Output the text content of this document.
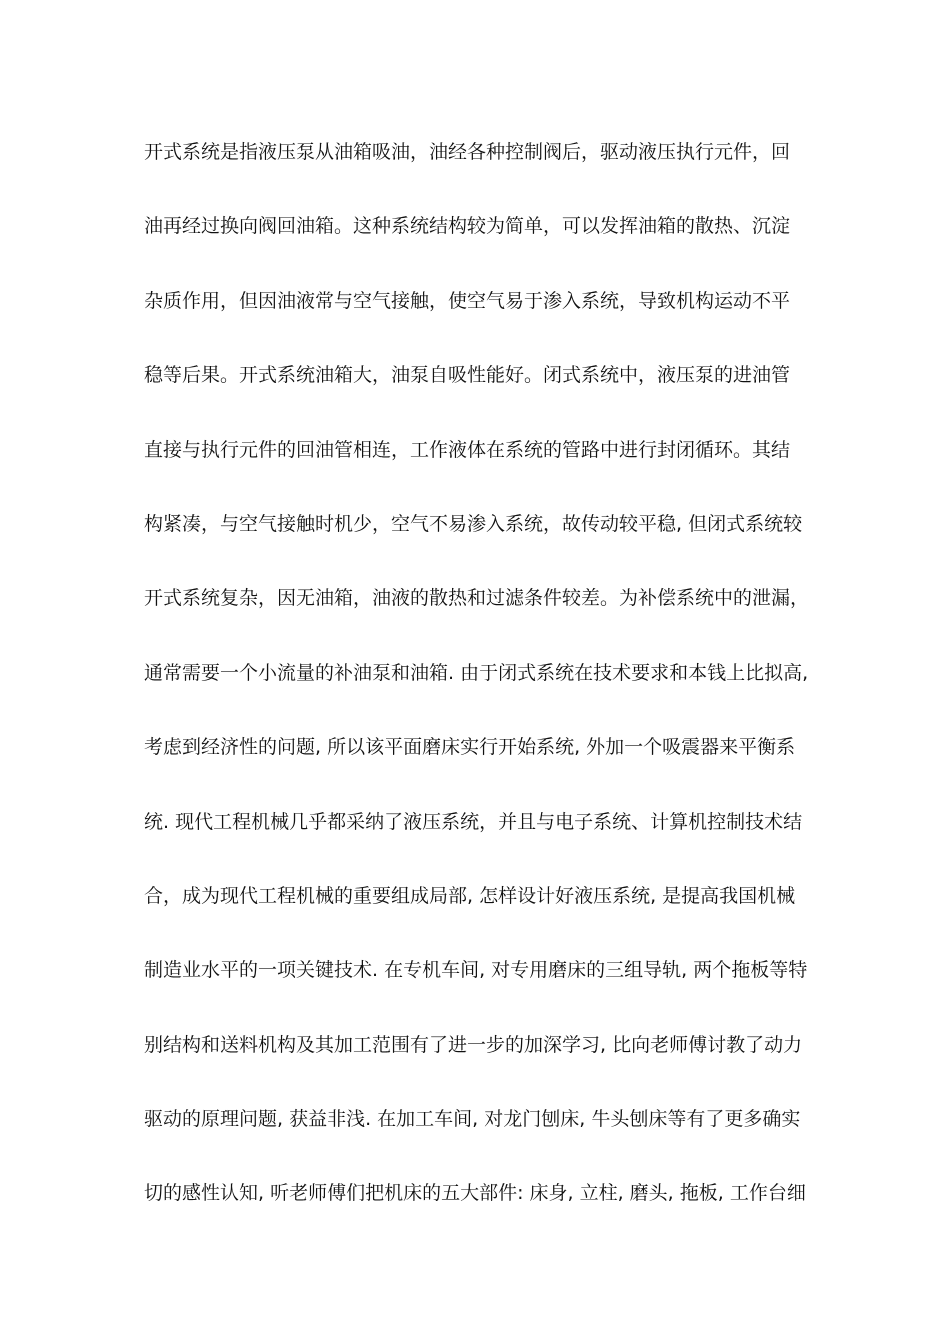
开式系统是指液压泵从油箱吸油，油经各种控制阀后，驱动液压执行元件，回
油再经过换向阀回油箱。这种系统结构较为简单，可以发挥油箱的散热、沉淀
杂质作用，但因油液常与空气接触，使空气易于渗入系统，导致机构运动不平
稳等后果。开式系统油箱大，油泵自吸性能好。闭式系统中，液压泵的进油管
直接与执行元件的回油管相连，工作液体在系统的管路中进行封闭循环。其结
构紧凑，与空气接触时机少，空气不易渗入系统，故传动较平稳, 但闭式系统较
开式系统复杂，因无油箱，油液的散热和过滤条件较差。为补偿系统中的泄漏，
通常需要一个小流量的补油泵和油箱. 由于闭式系统在技术要求和本钱上比拟高,
考虑到经济性的问题, 所以该平面磨床实行开始系统, 外加一个吸震器来平衡系
统. 现代工程机械几乎都采纳了液压系统，并且与电子系统、计算机控制技术结
合，成为现代工程机械的重要组成局部, 怎样设计好液压系统, 是提高我国机械
制造业水平的一项关键技术. 在专机车间, 对专用磨床的三组导轨, 两个拖板等特
别结构和送料机构及其加工范围有了进一步的加深学习, 比向老师傅讨教了动力
驱动的原理问题, 获益非浅. 在加工车间, 对龙门刨床, 牛头刨床等有了更多确实
切的感性认知, 听老师傅们把机床的五大部件: 床身, 立柱, 磨头, 拖板, 工作台细
